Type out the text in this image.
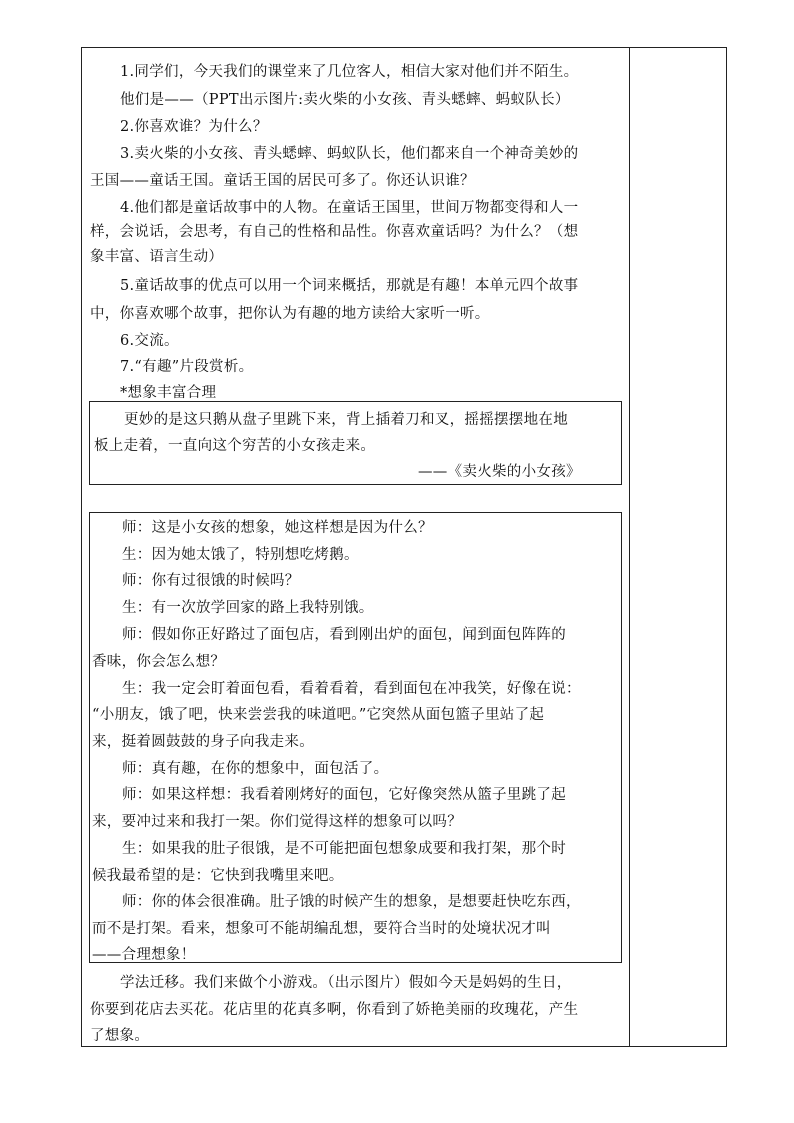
1.同学们，今天我们的课堂来了几位客人，相信大家对他们并不陌生。
他们是——（PPT出示图片:卖火柴的小女孩、青头蟋蟀、蚂蚁队长）
2.你喜欢谁？为什么？
3.卖火柴的小女孩、青头蟋蟀、蚂蚁队长，他们都来自一个神奇美妙的
王国——童话王国。童话王国的居民可多了。你还认识谁？
4.他们都是童话故事中的人物。在童话王国里，世间万物都变得和人一
样，会说话，会思考，有自己的性格和品性。你喜欢童话吗？为什么？（想
象丰富、语言生动）
5.童话故事的优点可以用一个词来概括，那就是有趣！本单元四个故事
中，你喜欢哪个故事，把你认为有趣的地方读给大家听一听。
6.交流。
7.“有趣”片段赏析。
*想象丰富合理
更妙的是这只鹅从盘子里跳下来，背上插着刀和叉，摇摇摆摆地在地
板上走着，一直向这个穷苦的小女孩走来。
——《卖火柴的小女孩》
师：这是小女孩的想象，她这样想是因为什么？
生：因为她太饿了，特别想吃烤鹅。
师：你有过很饿的时候吗？
生：有一次放学回家的路上我特别饿。
师：假如你正好路过了面包店，看到刚出炉的面包，闻到面包阵阵的
香味，你会怎么想？
生：我一定会盯着面包看，看着看着，看到面包在冲我笑，好像在说：
“小朋友，饿了吧，快来尝尝我的味道吧。”它突然从面包篮子里站了起
来，挺着圆鼓鼓的身子向我走来。
师：真有趣，在你的想象中，面包活了。
师：如果这样想：我看着刚烤好的面包，它好像突然从篮子里跳了起
来，要冲过来和我打一架。你们觉得这样的想象可以吗？
生：如果我的肚子很饿，是不可能把面包想象成要和我打架，那个时
候我最希望的是：它快到我嘴里来吧。
师：你的体会很准确。肚子饿的时候产生的想象，是想要赶快吃东西，
而不是打架。看来，想象可不能胡编乱想，要符合当时的处境状况才叫
——合理想象！
学法迁移。我们来做个小游戏。（出示图片）假如今天是妈妈的生日，
你要到花店去买花。花店里的花真多啊，你看到了娇艳美丽的玫瑰花，产生
了想象。
